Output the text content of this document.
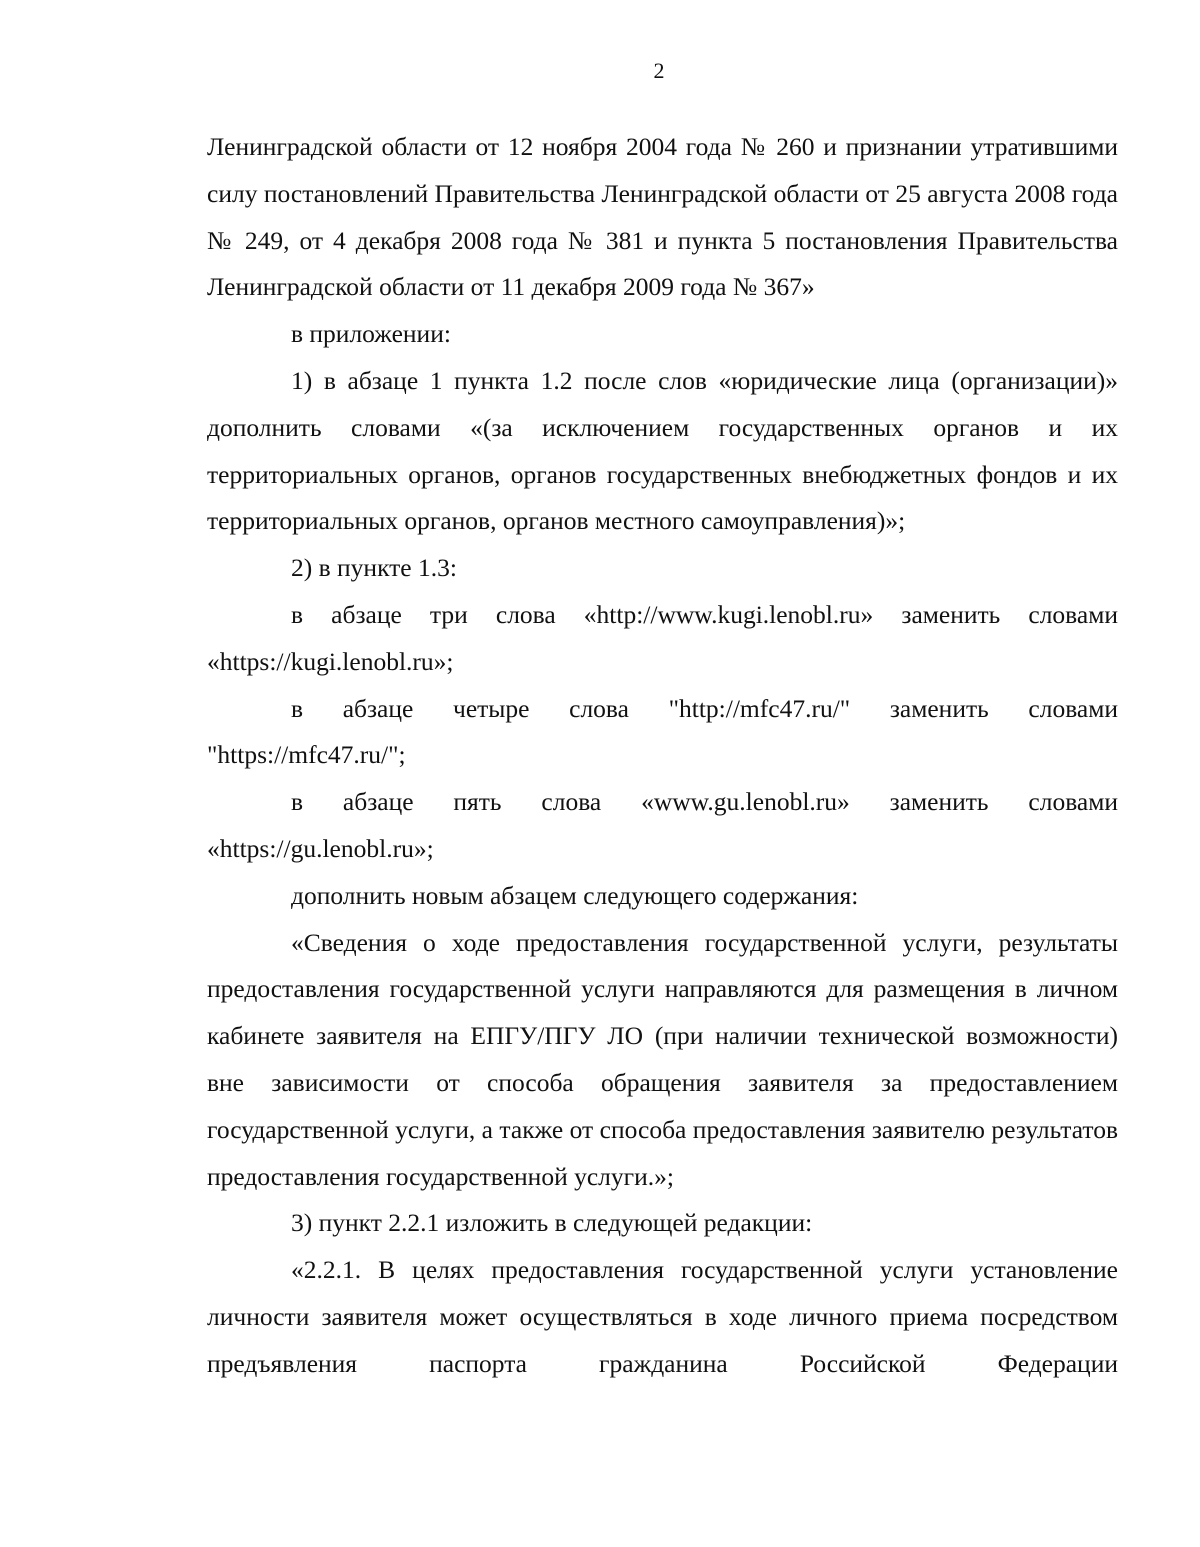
2

Ленинградской области от 12 ноября 2004 года № 260 и признании утратившими силу постановлений Правительства Ленинградской области от 25 августа 2008 года № 249, от 4 декабря 2008 года № 381 и пункта 5 постановления Правительства Ленинградской области от 11 декабря 2009 года № 367»

в приложении:

1) в абзаце 1 пункта 1.2 после слов «юридические лица (организации)» дополнить словами «(за исключением государственных органов и их территориальных органов, органов государственных внебюджетных фондов и их территориальных органов, органов местного самоуправления)»;

2) в пункте 1.3:

в абзаце три слова «http://www.kugi.lenobl.ru» заменить словами «https://kugi.lenobl.ru»;

в абзаце четыре слова "http://mfc47.ru/" заменить словами "https://mfc47.ru/";

в абзаце пять слова «www.gu.lenobl.ru» заменить словами «https://gu.lenobl.ru»;

дополнить новым абзацем следующего содержания:

«Сведения о ходе предоставления государственной услуги, результаты предоставления государственной услуги направляются для размещения в личном кабинете заявителя на ЕПГУ/ПГУ ЛО (при наличии технической возможности) вне зависимости от способа обращения заявителя за предоставлением государственной услуги, а также от способа предоставления заявителю результатов предоставления государственной услуги.»;

3) пункт 2.2.1 изложить в следующей редакции:

«2.2.1. В целях предоставления государственной услуги установление личности заявителя может осуществляться в ходе личного приема посредством предъявления паспорта гражданина Российской Федерации
